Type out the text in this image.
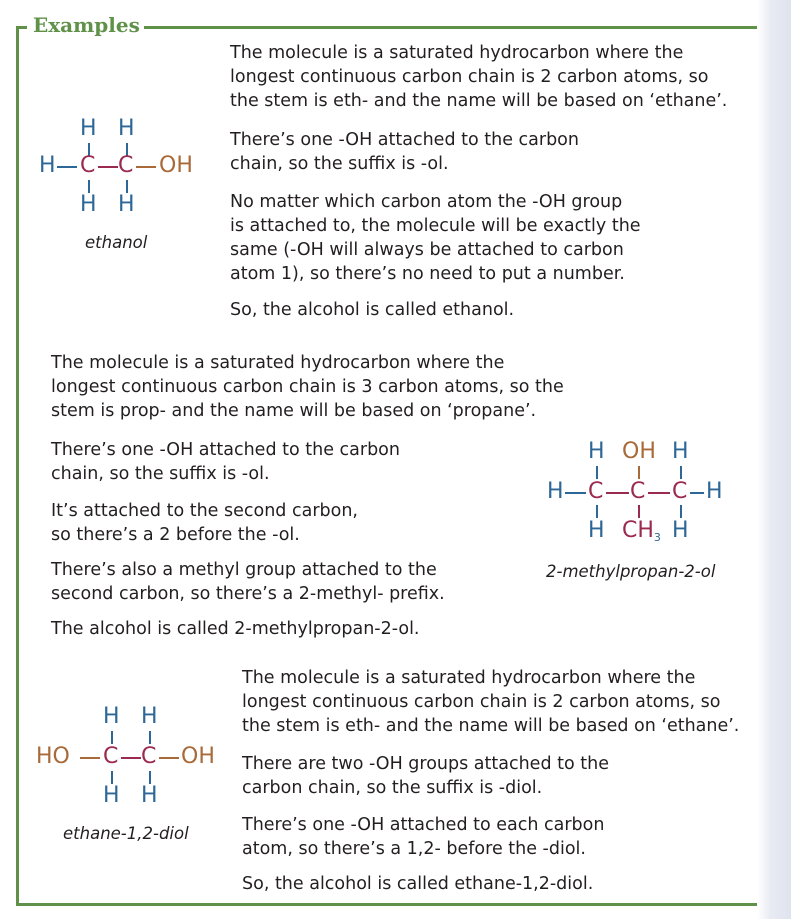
Examples
H H
H C C OH
H H
ethanol
The molecule is a saturated hydrocarbon where the
longest continuous carbon chain is 2 carbon atoms, so
the stem is eth- and the name will be based on ‘ethane’.
There’s one -OH attached to the carbon
chain, so the suffix is -ol.
No matter which carbon atom the -OH group
is attached to, the molecule will be exactly the
same (-OH will always be attached to carbon
atom 1), so there’s no need to put a number.
So, the alcohol is called ethanol.
The molecule is a saturated hydrocarbon where the
longest continuous carbon chain is 3 carbon atoms, so the
stem is prop- and the name will be based on ‘propane’.
There’s one -OH attached to the carbon
chain, so the suffix is -ol.
It’s attached to the second carbon,
so there’s a 2 before the -ol.
There’s also a methyl group attached to the
second carbon, so there’s a 2-methyl- prefix.
The alcohol is called 2-methylpropan-2-ol.
H OH H
H C C C H
H $CH_3$ H
2-methylpropan-2-ol
H H
HO C C OH
H H
ethane-1,2-diol
The molecule is a saturated hydrocarbon where the
longest continuous carbon chain is 2 carbon atoms, so
the stem is eth- and the name will be based on ‘ethane’.
There are two -OH groups attached to the
carbon chain, so the suffix is -diol.
There’s one -OH attached to each carbon
atom, so there’s a 1,2- before the -diol.
So, the alcohol is called ethane-1,2-diol.
